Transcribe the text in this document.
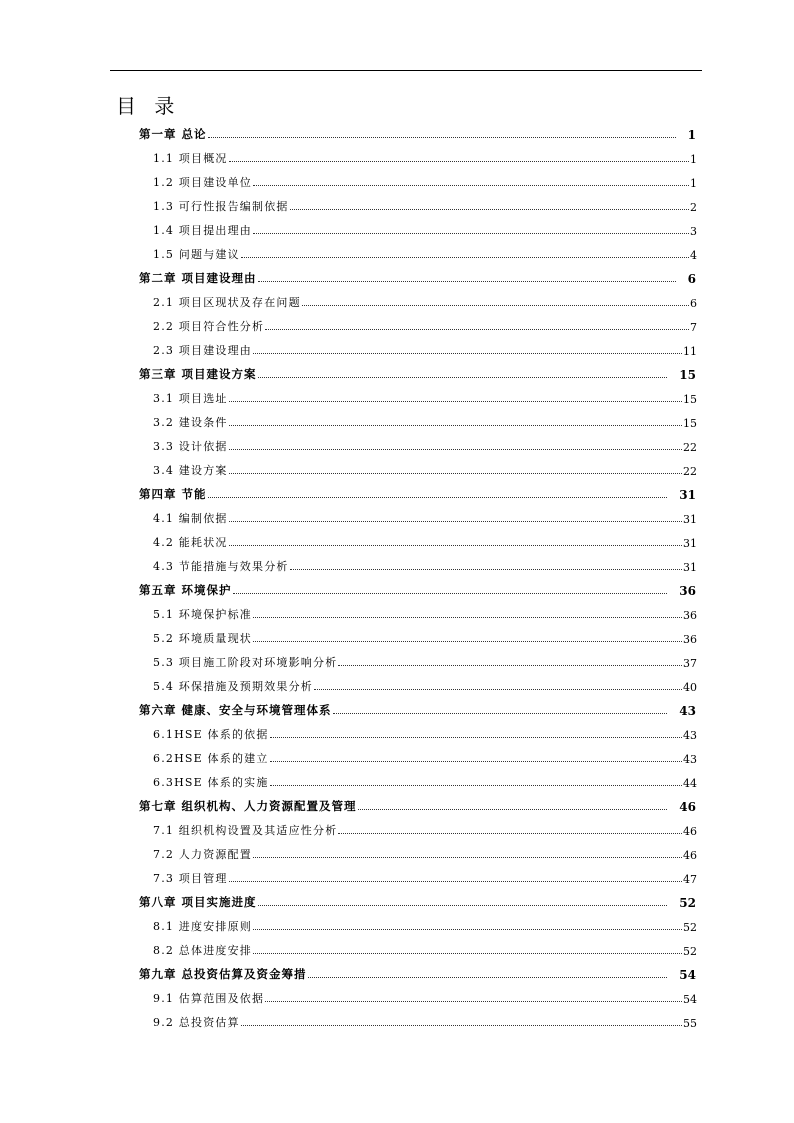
目 录
第一章 总论	1
1.1 项目概况	1
1.2 项目建设单位	1
1.3 可行性报告编制依据	2
1.4 项目提出理由	3
1.5 问题与建议	4
第二章 项目建设理由	6
2.1 项目区现状及存在问题	6
2.2 项目符合性分析	7
2.3 项目建设理由	11
第三章 项目建设方案	15
3.1 项目选址	15
3.2 建设条件	15
3.3 设计依据	22
3.4 建设方案	22
第四章 节能	31
4.1 编制依据	31
4.2 能耗状况	31
4.3 节能措施与效果分析	31
第五章 环境保护	36
5.1 环境保护标准	36
5.2 环境质量现状	36
5.3 项目施工阶段对环境影响分析	37
5.4 环保措施及预期效果分析	40
第六章 健康、安全与环境管理体系	43
6.1HSE 体系的依据	43
6.2HSE 体系的建立	43
6.3HSE 体系的实施	44
第七章 组织机构、人力资源配置及管理	46
7.1 组织机构设置及其适应性分析	46
7.2 人力资源配置	46
7.3 项目管理	47
第八章 项目实施进度	52
8.1 进度安排原则	52
8.2 总体进度安排	52
第九章 总投资估算及资金筹措	54
9.1 估算范围及依据	54
9.2 总投资估算	55
